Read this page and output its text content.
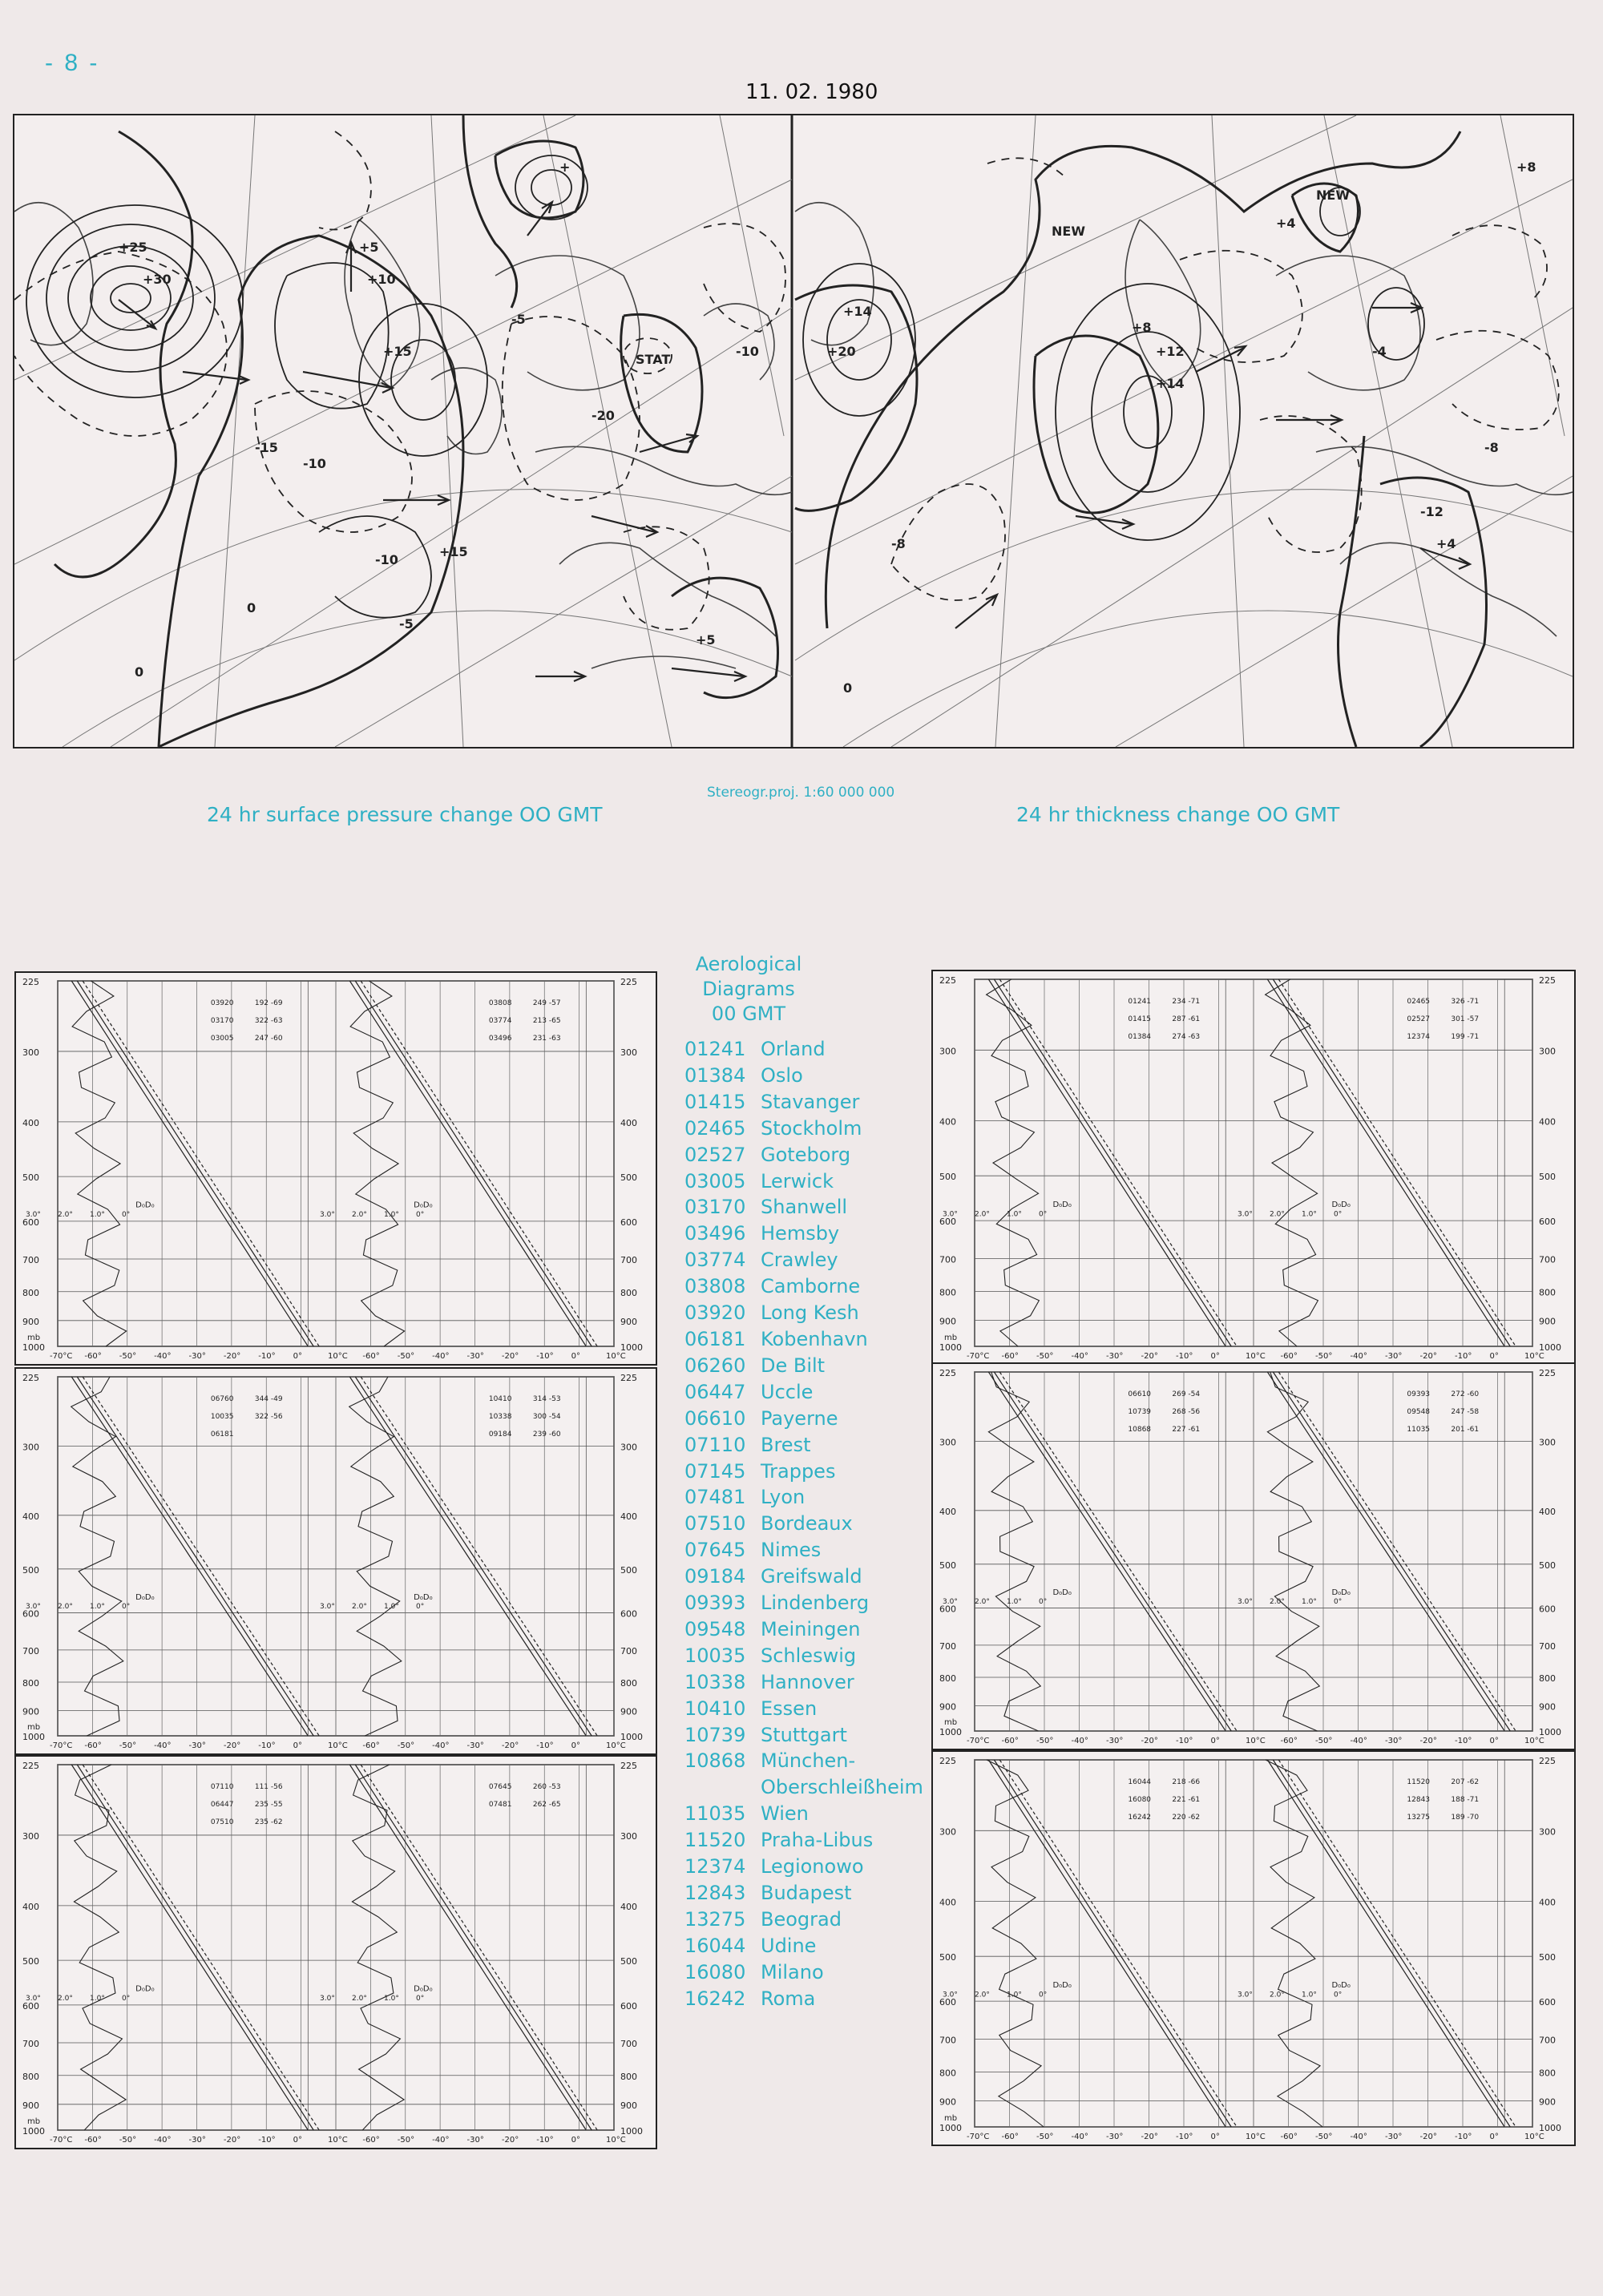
- 8 -
11. 02. 1980
+30
+25	+5
+10
+15
+15
-10
-15
-10
+
STAT
-5
-20
0
0
-10
+5
-5
NEW
NEW
+14
+14
+20
-8
+8
+12
+4
-4
+4
-8
-12
0
+8
Stereogr.proj. 1:60 000 000
24 hr surface pressure change OO GMT	24 hr thickness change OO GMT
225	225
300	300
400	400
500	500
600	600
700	700
800	800
900	900
1000	1000
-70°C -60° -50° -40° -30° -20° -10° 0°	10°C
D₀D₀
3.0° 2.0° 1.0° 0°
-60° -50° -40° -30° -20° -10° 0°	10°C
D₀D₀
3.0° 2.0° 1.0° 0°
mb
03920	192 -69
03170	322 -63
03005	247 -60
03808	249 -57
03774	213 -65
03496	231 -63
225	225
300	300
400	400
500	500
600	600
700	700
800	800
900	900
1000	1000
-70°C -60° -50° -40° -30° -20° -10° 0°	10°C
D₀D₀
3.0° 2.0° 1.0° 0°
-60° -50° -40° -30° -20° -10° 0°	10°C
D₀D₀
3.0° 2.0° 1.0° 0°
mb
06760	344 -49
10035	322 -56
06181
10410	314 -53
10338	300 -54
09184	239 -60
225	225
300	300
400	400
500	500
600	600
700	700
800	800
900	900
1000	1000
-70°C -60° -50° -40° -30° -20° -10° 0°	10°C
D₀D₀
3.0° 2.0° 1.0° 0°
-60° -50° -40° -30° -20° -10° 0°	10°C
D₀D₀
3.0° 2.0° 1.0° 0°
mb
07110	111 -56
06447	235 -55
07510	235 -62
07645	260 -53
07481	262 -65
225	225
300	300
400	400
500	500
600	600
700	700
800	800
900	900
1000	1000
-70°C -60° -50° -40° -30° -20° -10° 0°	10°C
D₀D₀
3.0° 2.0° 1.0° 0°
-60° -50° -40° -30° -20° -10° 0°	10°C
D₀D₀
3.0° 2.0° 1.0° 0°
mb
01241	234 -71
01415	287 -61
01384	274 -63
02465	326 -71
02527	301 -57
12374	199 -71
225	225
300	300
400	400
500	500
600	600
700	700
800	800
900	900
1000	1000
-70°C -60° -50° -40° -30° -20° -10° 0°	10°C
D₀D₀
3.0° 2.0° 1.0° 0°
-60° -50° -40° -30° -20° -10° 0°	10°C
D₀D₀
3.0° 2.0° 1.0° 0°
mb
06610	269 -54
10739	268 -56
10868	227 -61
09393	272 -60
09548	247 -58
11035	201 -61
225	225
300	300
400	400
500	500
600	600
700	700
800	800
900	900
1000	1000
-70°C -60° -50° -40° -30° -20° -10° 0°	10°C
D₀D₀
3.0° 2.0° 1.0° 0°
-60° -50° -40° -30° -20° -10° 0°	10°C
D₀D₀
3.0° 2.0° 1.0° 0°
mb
16044	218 -66
16080	221 -61
16242	220 -62
11520	207 -62
12843	188 -71
13275	189 -70
Aerological
Diagrams
00 GMT
01241 Orland
01384 Oslo
01415 Stavanger
02465 Stockholm
02527 Goteborg
03005 Lerwick
03170 Shanwell
03496 Hemsby
03774 Crawley
03808 Camborne
03920 Long Kesh
06181 Kobenhavn
06260 De Bilt
06447 Uccle
06610 Payerne
07110 Brest
07145 Trappes
07481 Lyon
07510 Bordeaux
07645 Nimes
09184 Greifswald
09393 Lindenberg
09548 Meiningen
10035 Schleswig
10338 Hannover
10410 Essen
10739 Stuttgart
10868 München-
Oberschleißheim
11035 Wien
11520 Praha-Libus
12374 Legionowo
12843 Budapest
13275 Beograd
16044 Udine
16080 Milano
16242 Roma
